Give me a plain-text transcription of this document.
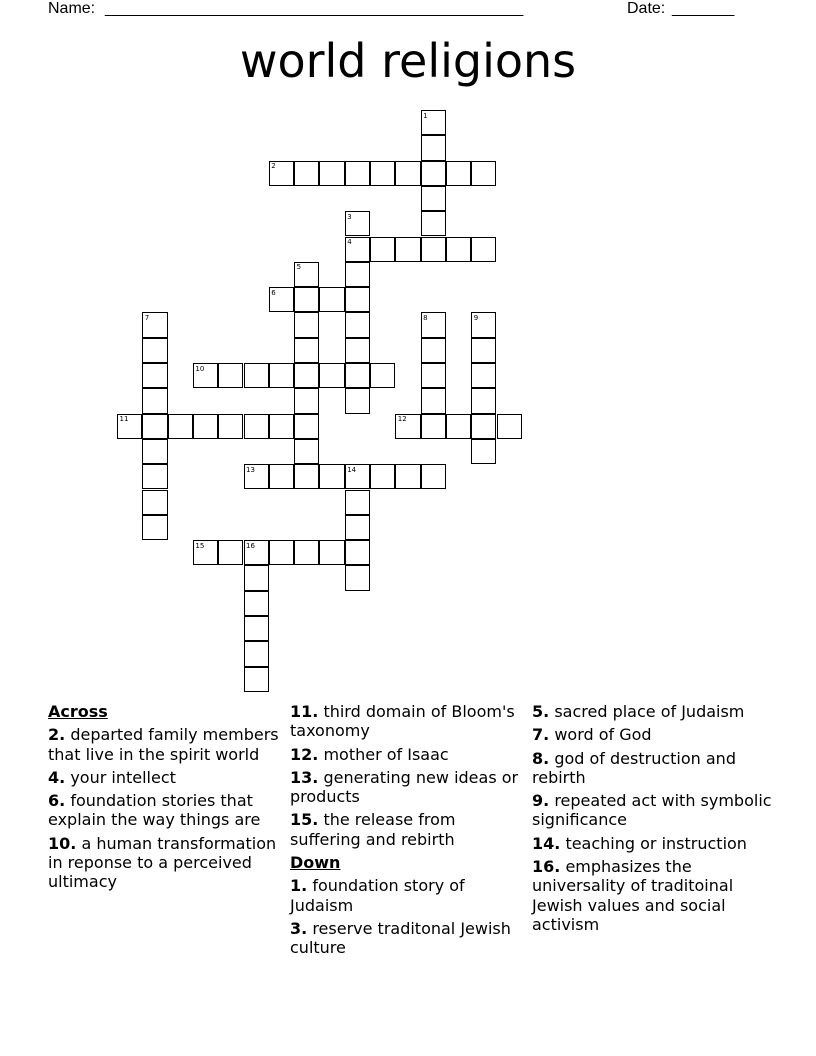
Name: _______________________________________________	Date: _______
world religions
1
2
3
4
5
6
7	8	9
10
11	12
13	14
15	16
Across
2. departed family members that live in the spirit world
4. your intellect
6. foundation stories that explain the way things are
10. a human transformation in reponse to a perceived ultimacy
11. third domain of Bloom's taxonomy
12. mother of Isaac
13. generating new ideas or products
15. the release from suffering and rebirth
Down
1. foundation story of Judaism
3. reserve traditonal Jewish culture
5. sacred place of Judaism
7. word of God
8. god of destruction and rebirth
9. repeated act with symbolic significance
14. teaching or instruction
16. emphasizes the universality of traditoinal Jewish values and social activism
